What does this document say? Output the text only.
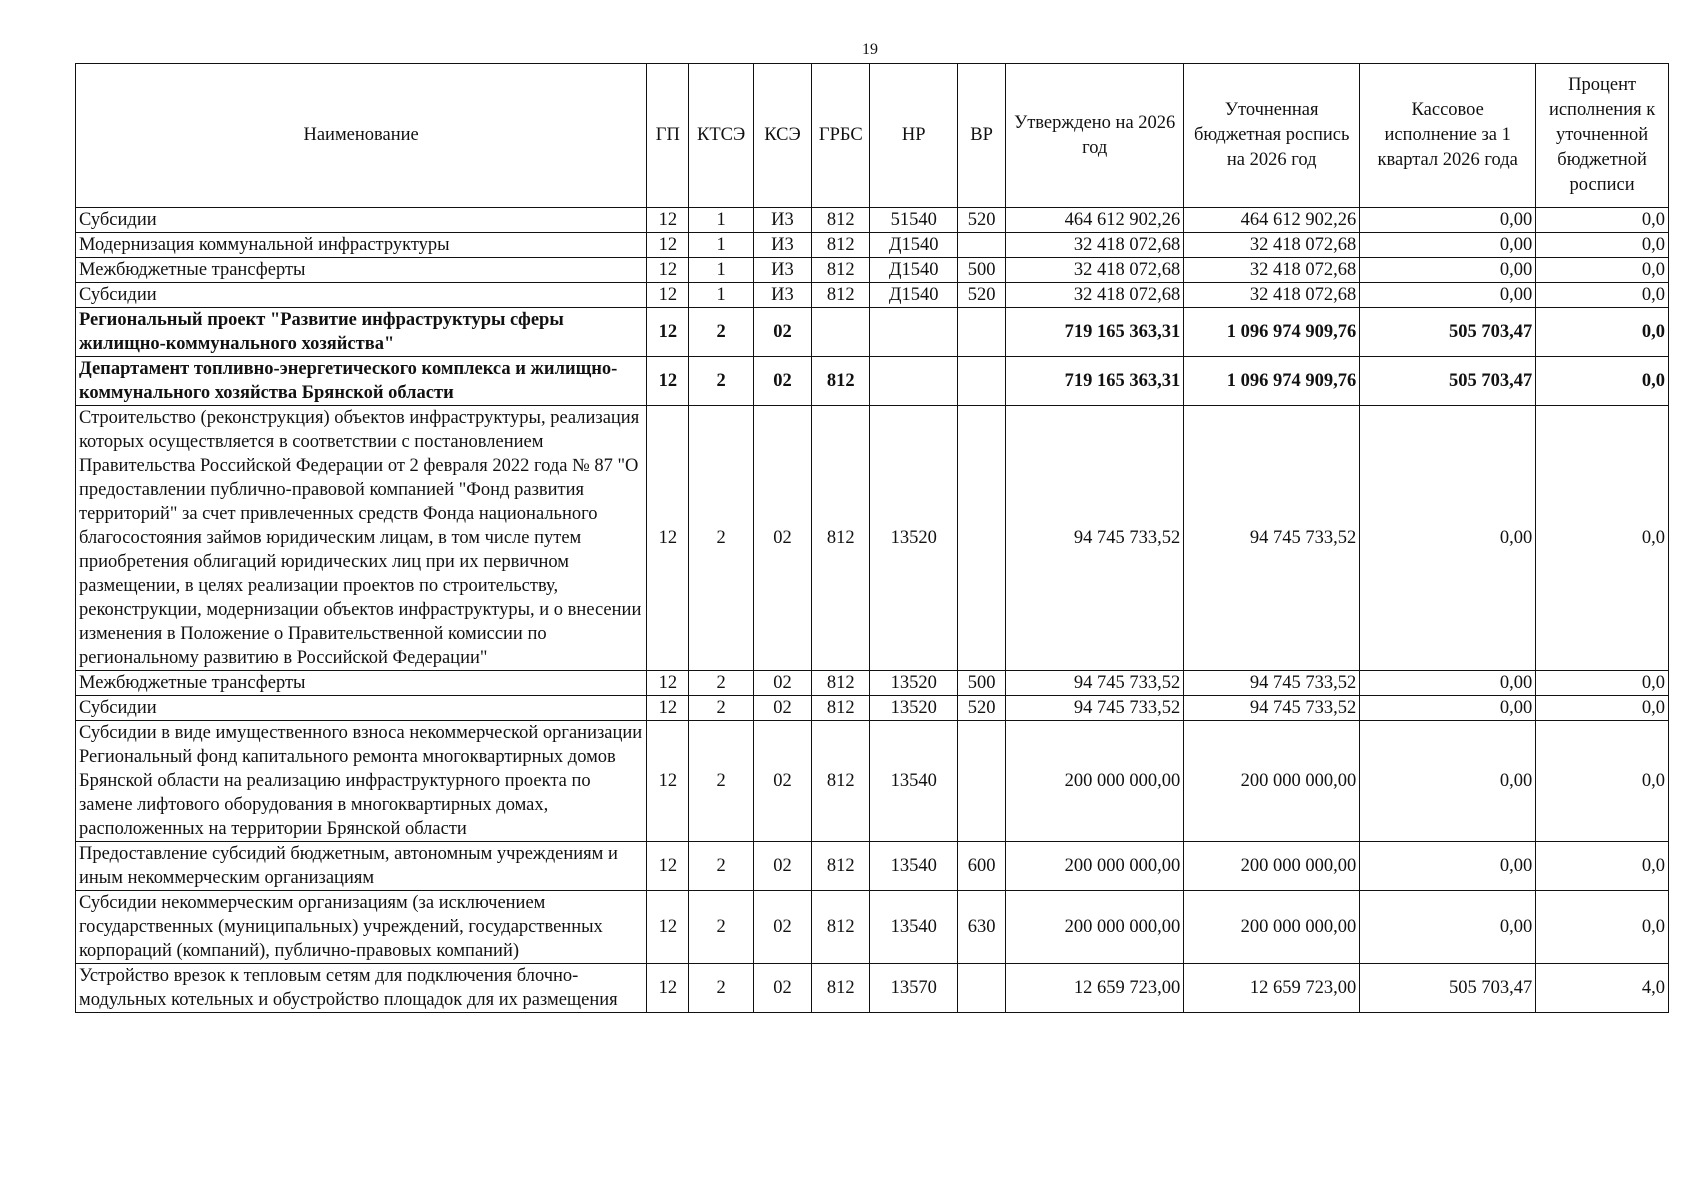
19
Наименование	ГП	КТСЭ	КСЭ	ГРБС	НР	ВР	Утверждено на 2026 год	Уточненная бюджетная роспись на 2026 год	Кассовое исполнение за 1 квартал 2026 года	Процент исполнения к уточненной бюджетной росписи
Субсидии	12	1	И3	812	51540	520	464 612 902,26	464 612 902,26	0,00	0,0
Модернизация коммунальной инфраструктуры	12	1	И3	812	Д1540		32 418 072,68	32 418 072,68	0,00	0,0
Межбюджетные трансферты	12	1	И3	812	Д1540	500	32 418 072,68	32 418 072,68	0,00	0,0
Субсидии	12	1	И3	812	Д1540	520	32 418 072,68	32 418 072,68	0,00	0,0
Региональный проект "Развитие инфраструктуры сферы жилищно-коммунального хозяйства"	12	2	02				719 165 363,31	1 096 974 909,76	505 703,47	0,0
Департамент топливно-энергетического комплекса и жилищно-коммунального хозяйства Брянской области	12	2	02	812			719 165 363,31	1 096 974 909,76	505 703,47	0,0
Строительство (реконструкция) объектов инфраструктуры, реализация которых осуществляется в соответствии с постановлением Правительства Российской Федерации от 2 февраля 2022 года № 87 "О предоставлении публично-правовой компанией "Фонд развития территорий" за счет привлеченных средств Фонда национального благосостояния займов юридическим лицам, в том числе путем приобретения облигаций юридических лиц при их первичном размещении, в целях реализации проектов по строительству, реконструкции, модернизации объектов инфраструктуры, и о внесении изменения в Положение о Правительственной комиссии по региональному развитию в Российской Федерации"	12	2	02	812	13520		94 745 733,52	94 745 733,52	0,00	0,0
Межбюджетные трансферты	12	2	02	812	13520	500	94 745 733,52	94 745 733,52	0,00	0,0
Субсидии	12	2	02	812	13520	520	94 745 733,52	94 745 733,52	0,00	0,0
Субсидии в виде имущественного взноса некоммерческой организации Региональный фонд капитального ремонта многоквартирных домов Брянской области на реализацию инфраструктурного проекта по замене лифтового оборудования в многоквартирных домах, расположенных на территории Брянской области	12	2	02	812	13540		200 000 000,00	200 000 000,00	0,00	0,0
Предоставление субсидий бюджетным, автономным учреждениям и иным некоммерческим организациям	12	2	02	812	13540	600	200 000 000,00	200 000 000,00	0,00	0,0
Субсидии некоммерческим организациям (за исключением государственных (муниципальных) учреждений, государственных корпораций (компаний), публично-правовых компаний)	12	2	02	812	13540	630	200 000 000,00	200 000 000,00	0,00	0,0
Устройство врезок к тепловым сетям для подключения блочно-модульных котельных и обустройство площадок для их размещения	12	2	02	812	13570		12 659 723,00	12 659 723,00	505 703,47	4,0
